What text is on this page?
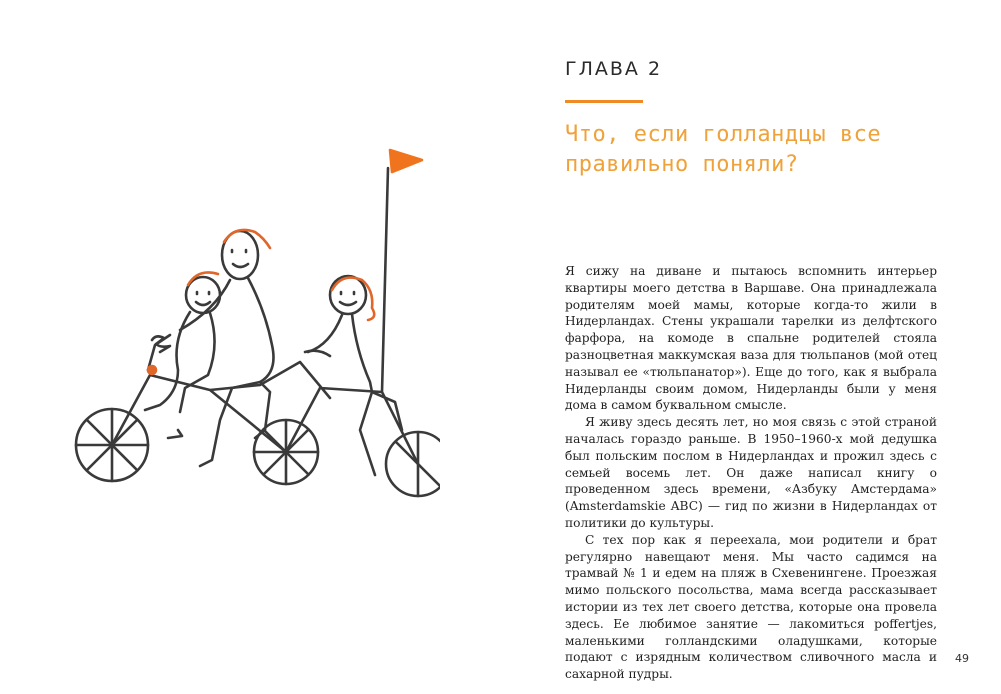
ГЛАВА 2
Что, если голландцы все правильно поняли?

Я сижу на диване и пытаюсь вспомнить интерьер квартиры моего детства в Варшаве. Она принадлежала родителям моей мамы, которые когда-то жили в Нидерландах. Стены украшали тарелки из делфтского фарфора, на комоде в спальне родителей стояла разноцветная маккумская ваза для тюльпанов (мой отец называл ее «тюльпанатор»). Еще до того, как я выбрала Нидерланды своим домом, Нидерланды были у меня дома в самом буквальном смысле.

Я живу здесь десять лет, но моя связь с этой страной началась гораздо раньше. В 1950–1960-х мой дедушка был польским послом в Нидерландах и прожил здесь с семьей восемь лет. Он даже написал книгу о проведенном здесь времени, «Азбуку Амстердама» (Amsterdamskie ABC) — гид по жизни в Нидерландах от политики до культуры.

С тех пор как я переехала, мои родители и брат регулярно навещают меня. Мы часто садимся на трамвай № 1 и едем на пляж в Схевенингене. Проезжая мимо польского посольства, мама всегда рассказывает истории из тех лет своего детства, которые она провела здесь. Ее любимое занятие — лакомиться poffertjes, маленькими голландскими оладушками, которые подают с изрядным количеством сливочного масла и сахарной пудры.

49
